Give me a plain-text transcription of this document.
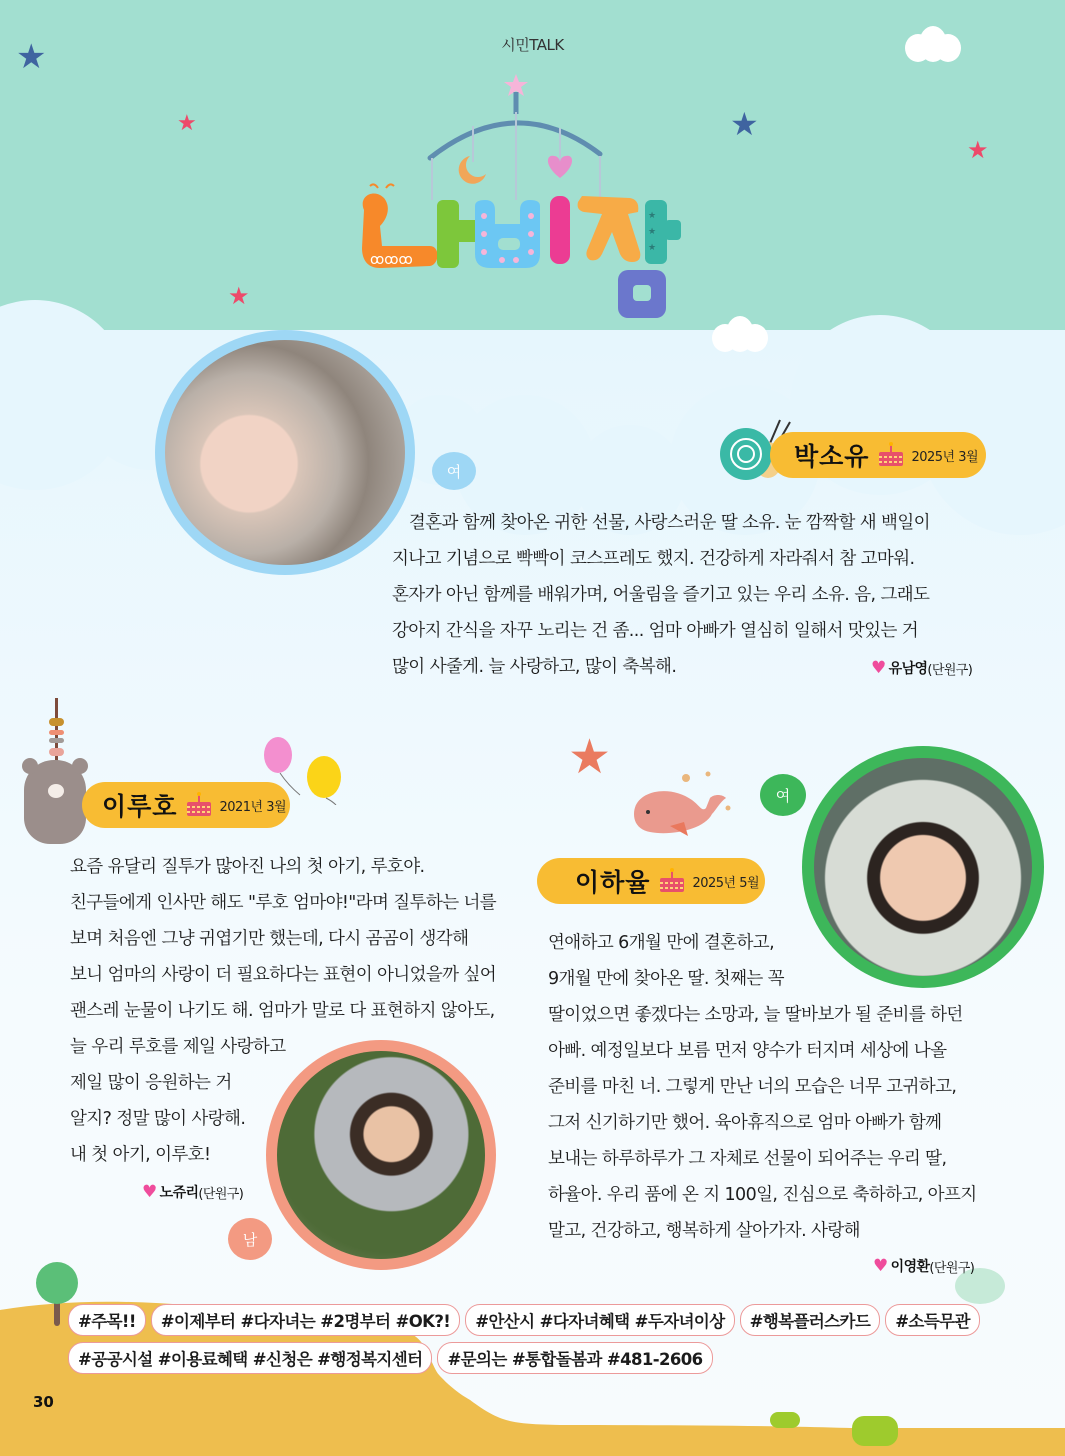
★
★	★
★
★
시민TALK
ꝏꝏꝏ
★
★
★
여
박소유	2025년 3월
　결혼과 함께 찾아온 귀한 선물, 사랑스러운 딸 소유. 눈 깜짝할 새 백일이
지나고 기념으로 빡빡이 코스프레도 했지. 건강하게 자라줘서 참 고마워.
혼자가 아닌 함께를 배워가며, 어울림을 즐기고 있는 우리 소유. 음, 그래도
강아지 간식을 자꾸 노리는 건 좀... 엄마 아빠가 열심히 일해서 맛있는 거
많이 사줄게. 늘 사랑하고, 많이 축복해.	♥ 유남영 (단원구)
이루호	2021년 3월
요즘 유달리 질투가 많아진 나의 첫 아기, 루호야.
친구들에게 인사만 해도 "루호 엄마야!"라며 질투하는 너를
보며 처음엔 그냥 귀엽기만 했는데, 다시 곰곰이 생각해
보니 엄마의 사랑이 더 필요하다는 표현이 아니었을까 싶어
괜스레 눈물이 나기도 해. 엄마가 말로 다 표현하지 않아도,
늘 우리 루호를 제일 사랑하고
제일 많이 응원하는 거
알지? 정말 많이 사랑해.
내 첫 아기, 이루호!
♥ 노쥬리 (단원구)
남
★
여
이하율	2025년 5월
연애하고 6개월 만에 결혼하고,
9개월 만에 찾아온 딸. 첫째는 꼭
딸이었으면 좋겠다는 소망과, 늘 딸바보가 될 준비를 하던
아빠. 예정일보다 보름 먼저 양수가 터지며 세상에 나올
준비를 마친 너. 그렇게 만난 너의 모습은 너무 고귀하고,
그저 신기하기만 했어. 육아휴직으로 엄마 아빠가 함께
보내는 하루하루가 그 자체로 선물이 되어주는 우리 딸,
하율아. 우리 품에 온 지 100일, 진심으로 축하하고, 아프지
말고, 건강하고, 행복하게 살아가자. 사랑해
♥ 이영환 (단원구)
#주목!!	#이제부터 #다자녀는 #2명부터 #OK?!	#안산시 #다자녀혜택 #두자녀이상	#행복플러스카드	#소득무관
#공공시설 #이용료혜택 #신청은 #행정복지센터	#문의는 #통합돌봄과 #481-2606
30
